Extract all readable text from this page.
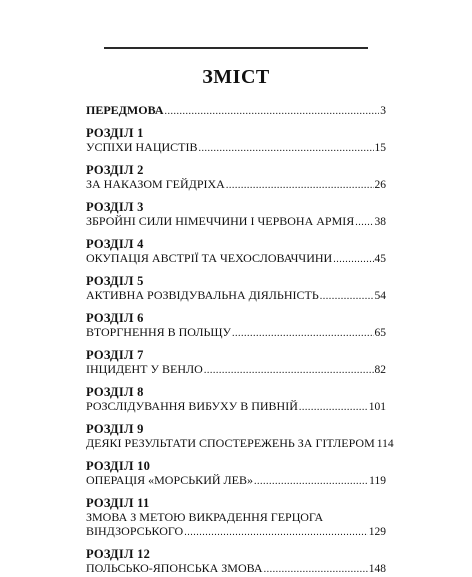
ЗМІСТ
ПЕРЕДМОВА .....	3
РОЗДІЛ 1
УСПІХИ НАЦИСТІВ .....	15
РОЗДІЛ 2
ЗА НАКАЗОМ ГЕЙДРІХА .....	26
РОЗДІЛ 3
ЗБРОЙНІ СИЛИ НІМЕЧЧИНИ І ЧЕРВОНА АРМІЯ ..... 38
РОЗДІЛ 4
ОКУПАЦІЯ АВСТРІЇ ТА ЧЕХОСЛОВАЧЧИНИ .....	45
РОЗДІЛ 5
АКТИВНА РОЗВІДУВАЛЬНА ДІЯЛЬНІСТЬ .....	54
РОЗДІЛ 6
ВТОРГНЕННЯ В ПОЛЬЩУ .....	65
РОЗДІЛ 7
ІНЦИДЕНТ У ВЕНЛО .....	82
РОЗДІЛ 8
РОЗСЛІДУВАННЯ ВИБУХУ В ПИВНІЙ .....	101
РОЗДІЛ 9
ДЕЯКІ РЕЗУЛЬТАТИ СПОСТЕРЕЖЕНЬ ЗА ГІТЛЕРОМ 114
РОЗДІЛ 10
ОПЕРАЦІЯ «МОРСЬКИЙ ЛЕВ» .....	119
РОЗДІЛ 11
ЗМОВА З МЕТОЮ ВИКРАДЕННЯ ГЕРЦОГА
ВІНДЗОРСЬКОГО .....	129
РОЗДІЛ 12
ПОЛЬСЬКО-ЯПОНСЬКА ЗМОВА .....	148
